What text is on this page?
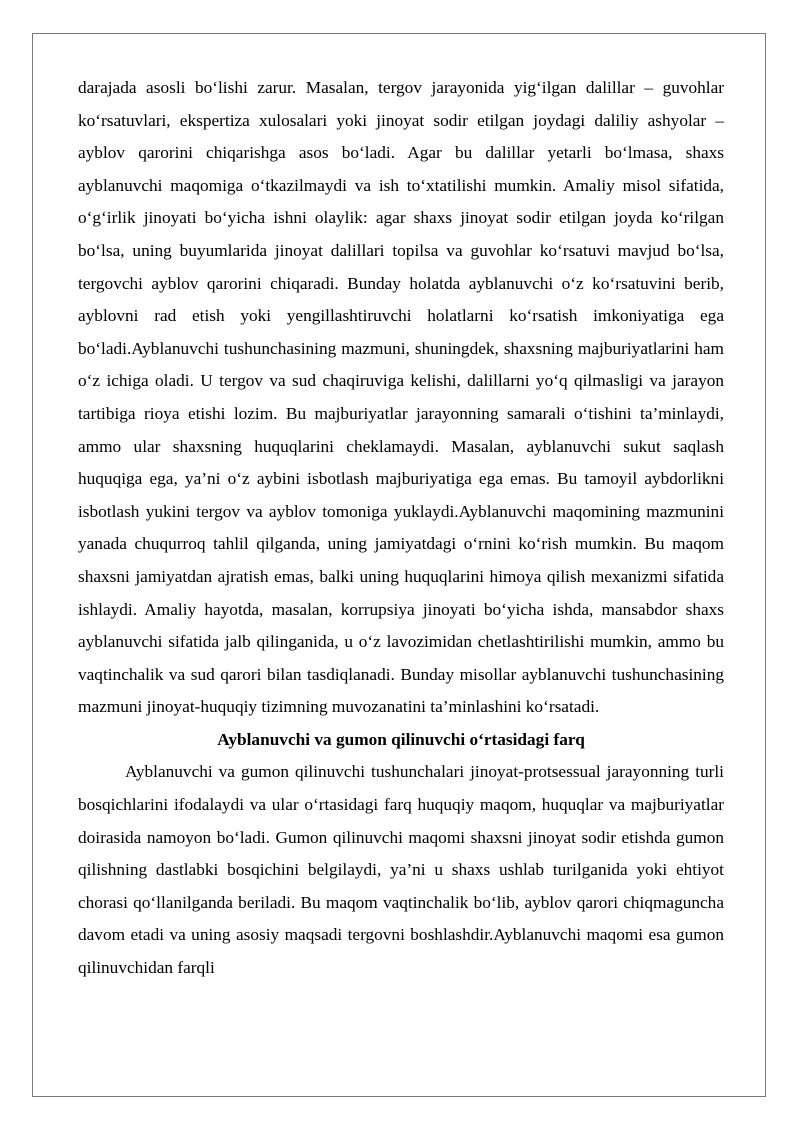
darajada asosli bo‘lishi zarur. Masalan, tergov jarayonida yig‘ilgan dalillar – guvohlar ko‘rsatuvlari, ekspertiza xulosalari yoki jinoyat sodir etilgan joydagi daliliy ashyolar – ayblov qarorini chiqarishga asos bo‘ladi. Agar bu dalillar yetarli bo‘lmasa, shaxs ayblanuvchi maqomiga o‘tkazilmaydi va ish to‘xtatilishi mumkin. Amaliy misol sifatida, o‘g‘irlik jinoyati bo‘yicha ishni olaylik: agar shaxs jinoyat sodir etilgan joyda ko‘rilgan bo‘lsa, uning buyumlarida jinoyat dalillari topilsa va guvohlar ko‘rsatuvi mavjud bo‘lsa, tergovchi ayblov qarorini chiqaradi. Bunday holatda ayblanuvchi o‘z ko‘rsatuvini berib, ayblovni rad etish yoki yengillashtiruvchi holatlarni ko‘rsatish imkoniyatiga ega bo‘ladi.Ayblanuvchi tushunchasining mazmuni, shuningdek, shaxsning majburiyatlarini ham o‘z ichiga oladi. U tergov va sud chaqiruviga kelishi, dalillarni yo‘q qilmasligi va jarayon tartibiga rioya etishi lozim. Bu majburiyatlar jarayonning samarali o‘tishini ta’minlaydi, ammo ular shaxsning huquqlarini cheklamaydi. Masalan, ayblanuvchi sukut saqlash huquqiga ega, ya’ni o‘z aybini isbotlash majburiyatiga ega emas. Bu tamoyil aybdorlikni isbotlash yukini tergov va ayblov tomoniga yuklaydi.Ayblanuvchi maqomining mazmunini yanada chuqurroq tahlil qilganda, uning jamiyatdagi o‘rnini ko‘rish mumkin. Bu maqom shaxsni jamiyatdan ajratish emas, balki uning huquqlarini himoya qilish mexanizmi sifatida ishlaydi. Amaliy hayotda, masalan, korrupsiya jinoyati bo‘yicha ishda, mansabdor shaxs ayblanuvchi sifatida jalb qilinganida, u o‘z lavozimidan chetlashtirilishi mumkin, ammo bu vaqtinchalik va sud qarori bilan tasdiqlanadi. Bunday misollar ayblanuvchi tushunchasining mazmuni jinoyat-huquqiy tizimning muvozanatini ta’minlashini ko‘rsatadi.

Ayblanuvchi va gumon qilinuvchi o‘rtasidagi farq

Ayblanuvchi va gumon qilinuvchi tushunchalari jinoyat-protsessual jarayonning turli bosqichlarini ifodalaydi va ular o‘rtasidagi farq huquqiy maqom, huquqlar va majburiyatlar doirasida namoyon bo‘ladi. Gumon qilinuvchi maqomi shaxsni jinoyat sodir etishda gumon qilishning dastlabki bosqichini belgilaydi, ya’ni u shaxs ushlab turilganida yoki ehtiyot chorasi qo‘llanilganda beriladi. Bu maqom vaqtinchalik bo‘lib, ayblov qarori chiqmaguncha davom etadi va uning asosiy maqsadi tergovni boshlashdir.Ayblanuvchi maqomi esa gumon qilinuvchidan farqli
